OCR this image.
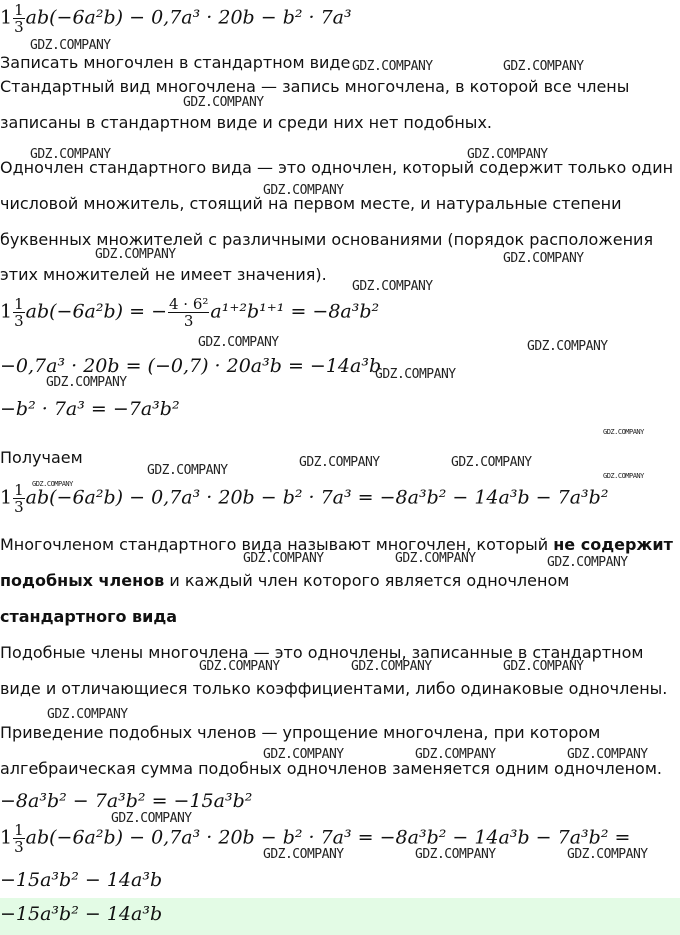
$1 \frac{1}{3} ab(-6a^2b) - 0,7a^3 \cdot 20b - b^2 \cdot 7a^3$
Записать многочлен в стандартном виде
Стандартный вид многочлена — запись многочлена, в которой все члены
записаны в стандартном виде и среди них нет подобных.
Одночлен стандартного вида — это одночлен, который содержит только один
числовой множитель, стоящий на первом месте, и натуральные степени
буквенных множителей с различными основаниями (порядок расположения
этих множителей не имеет значения).
$1 \frac{1}{3} ab(-6a^2b)$ = − $\frac{\text{4 · 6²}}{3} a^{1+2}b^{1+1} = -8a^3b^2$
−0,7a³ · 20b = (−0,7) · 20a³b = −14a³b
−b² · 7a³ = −7a³b²
Получаем
$1 \frac{1}{3} ab(-6a^2b) - 0,7a^3 \cdot 20b - b^2 \cdot 7a^3 = -8a^3b^2 - 14a^3b - 7a^3b^2$
Многочленом стандартного вида называют многочлен, который не содержит
подобных членов и каждый член которого является одночленом
стандартного вида
Подобные члены многочлена — это одночлены, записанные в стандартном
виде и отличающиеся только коэффициентами, либо одинаковые одночлены.
Приведение подобных членов — упрощение многочлена, при котором
алгебраическая сумма подобных одночленов заменяется одним одночленом.
−8a³b² − 7a³b² = −15a³b²
$1 \frac{1}{3} ab(-6a^2b) - 0,7a^3 \cdot 20b - b^2 \cdot 7a^3 = -8a^3b^2 - 14a^3b - 7a^3b^2$ =
−15a³b² − 14a³b
−15a³b² − 14a³b
GDZ.COMPANY
GDZ.COMPANY	GDZ.COMPANY
GDZ.COMPANY
GDZ.COMPANY	GDZ.COMPANY
GDZ.COMPANY
GDZ.COMPANY	GDZ.COMPANY
GDZ.COMPANY
GDZ.COMPANY	GDZ.COMPANY
GDZ.COMPANY
GDZ.COMPANY
GDZ.COMPANY
GDZ.COMPANY	GDZ.COMPANY
GDZ.COMPANY	GDZ.COMPANY
GDZ.COMPANY
GDZ.COMPANY	GDZ.COMPANY	GDZ.COMPANY
GDZ.COMPANY	GDZ.COMPANY	GDZ.COMPANY
GDZ.COMPANY
GDZ.COMPANY	GDZ.COMPANY	GDZ.COMPANY
GDZ.COMPANY
GDZ.COMPANY	GDZ.COMPANY	GDZ.COMPANY
